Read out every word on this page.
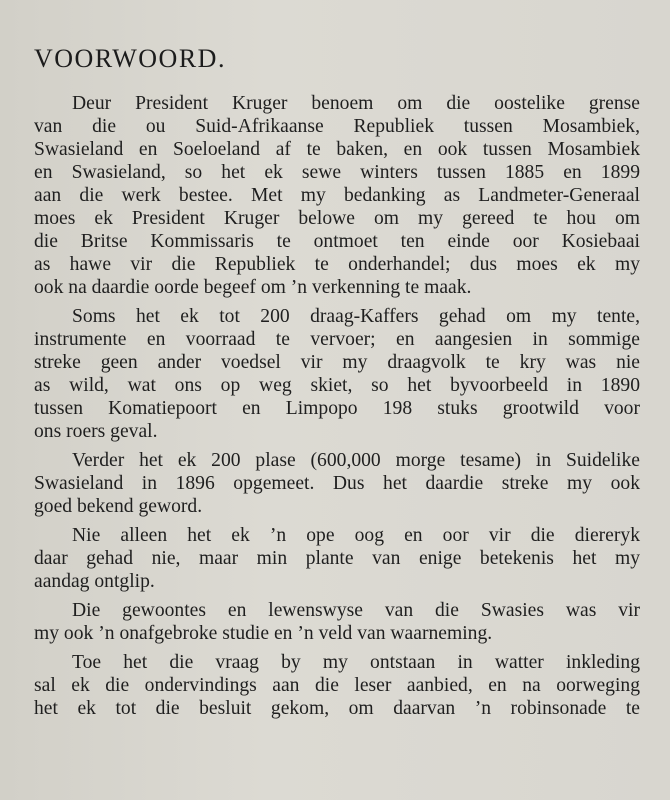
VOORWOORD.
Deur President Kruger benoem om die oostelike grense
van die ou Suid-Afrikaanse Republiek tussen Mosambiek,
Swasieland en Soeloeland af te baken, en ook tussen Mosambiek
en Swasieland, so het ek sewe winters tussen 1885 en 1899
aan die werk bestee. Met my bedanking as Landmeter-Generaal
moes ek President Kruger belowe om my gereed te hou om
die Britse Kommissaris te ontmoet ten einde oor Kosiebaai
as hawe vir die Republiek te onderhandel; dus moes ek my
ook na daardie oorde begeef om ’n verkenning te maak.
Soms het ek tot 200 draag-Kaffers gehad om my tente,
instrumente en voorraad te vervoer; en aangesien in sommige
streke geen ander voedsel vir my draagvolk te kry was nie
as wild, wat ons op weg skiet, so het byvoorbeeld in 1890
tussen Komatiepoort en Limpopo 198 stuks grootwild voor
ons roers geval.
Verder het ek 200 plase (600,000 morge tesame) in Suidelike
Swasieland in 1896 opgemeet. Dus het daardie streke my ook
goed bekend geword.
Nie alleen het ek ’n ope oog en oor vir die diereryk
daar gehad nie, maar min plante van enige betekenis het my
aandag ontglip.
Die gewoontes en lewenswyse van die Swasies was vir
my ook ’n onafgebroke studie en ’n veld van waarneming.
Toe het die vraag by my ontstaan in watter inkleding
sal ek die ondervindings aan die leser aanbied, en na oorweging
het ek tot die besluit gekom, om daarvan ’n robinsonade te
